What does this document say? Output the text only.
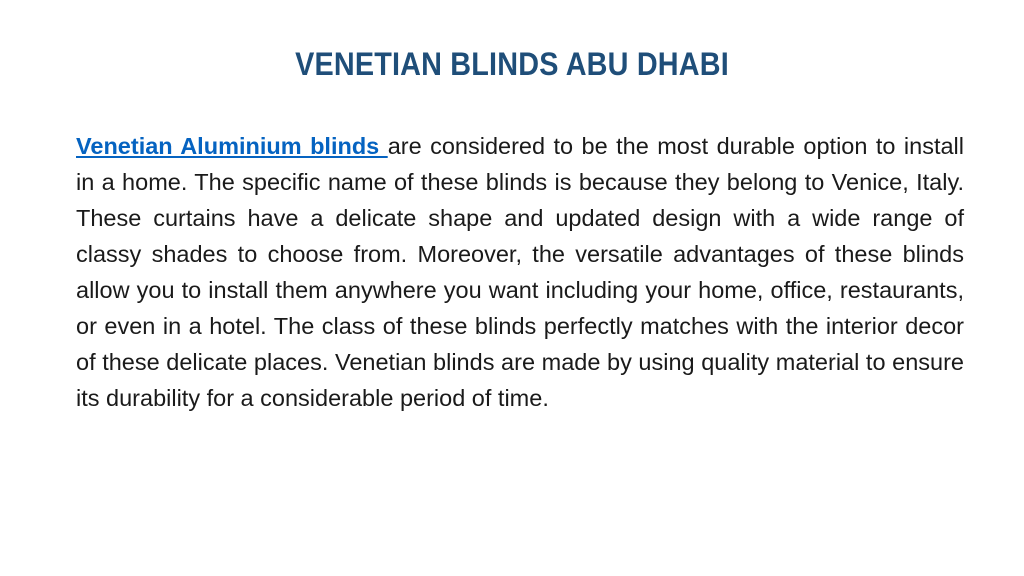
VENETIAN BLINDS ABU DHABI

Venetian Aluminium blinds are considered to be the most durable option to install in a home. The specific name of these blinds is because they belong to Venice, Italy. These curtains have a delicate shape and updated design with a wide range of classy shades to choose from. Moreover, the versatile advantages of these blinds allow you to install them anywhere you want including your home, office, restaurants, or even in a hotel. The class of these blinds perfectly matches with the interior decor of these delicate places. Venetian blinds are made by using quality material to ensure its durability for a considerable period of time.
